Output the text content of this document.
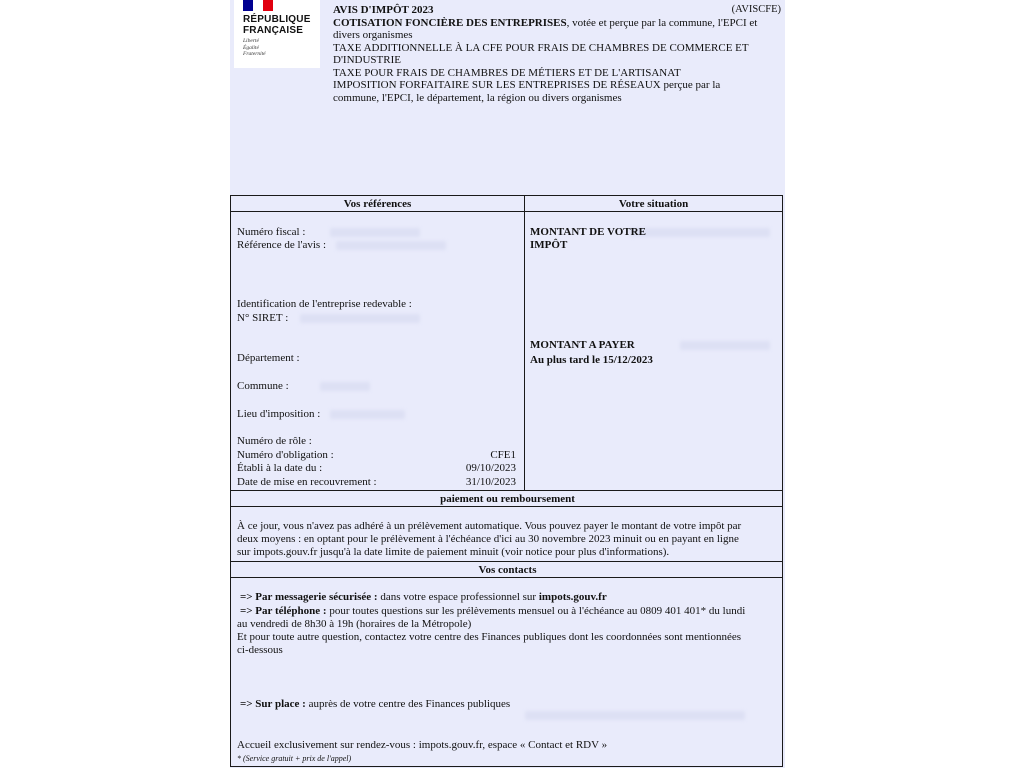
RÉPUBLIQUE
FRANÇAISE
Liberté
Égalité
Fraternité
AVIS D'IMPÔT 2023	(AVISCFE)
COTISATION FONCIÈRE DES ENTREPRISES, votée et perçue par la commune, l'EPCI et
divers organismes
TAXE ADDITIONNELLE À LA CFE POUR FRAIS DE CHAMBRES DE COMMERCE ET
D'INDUSTRIE
TAXE POUR FRAIS DE CHAMBRES DE MÉTIERS ET DE L'ARTISANAT
IMPOSITION FORFAITAIRE SUR LES ENTREPRISES DE RÉSEAUX perçue par la
commune, l'EPCI, le département, la région ou divers organismes
Vos références	Votre situation
Numéro fiscal :
Référence de l'avis :
Identification de l'entreprise redevable :
N° SIRET :
Département :
Commune :
Lieu d'imposition :
Numéro de rôle :
Numéro d'obligation :	CFE1
Établi à la date du :	09/10/2023
Date de mise en recouvrement :	31/10/2023
MONTANT DE VOTRE
IMPÔT
MONTANT A PAYER
Au plus tard le 15/12/2023
paiement ou remboursement
À ce jour, vous n'avez pas adhéré à un prélèvement automatique. Vous pouvez payer le montant de votre impôt par
deux moyens : en optant pour le prélèvement à l'échéance d'ici au 30 novembre 2023 minuit ou en payant en ligne
sur impots.gouv.fr jusqu'à la date limite de paiement minuit (voir notice pour plus d'informations).
Vos contacts
=> Par messagerie sécurisée : dans votre espace professionnel sur impots.gouv.fr
=> Par téléphone : pour toutes questions sur les prélèvements mensuel ou à l'échéance au 0809 401 401* du lundi
au vendredi de 8h30 à 19h (horaires de la Métropole)
Et pour toute autre question, contactez votre centre des Finances publiques dont les coordonnées sont mentionnées
ci-dessous
=> Sur place : auprès de votre centre des Finances publiques
Accueil exclusivement sur rendez-vous : impots.gouv.fr, espace « Contact et RDV »
* (Service gratuit + prix de l'appel)
